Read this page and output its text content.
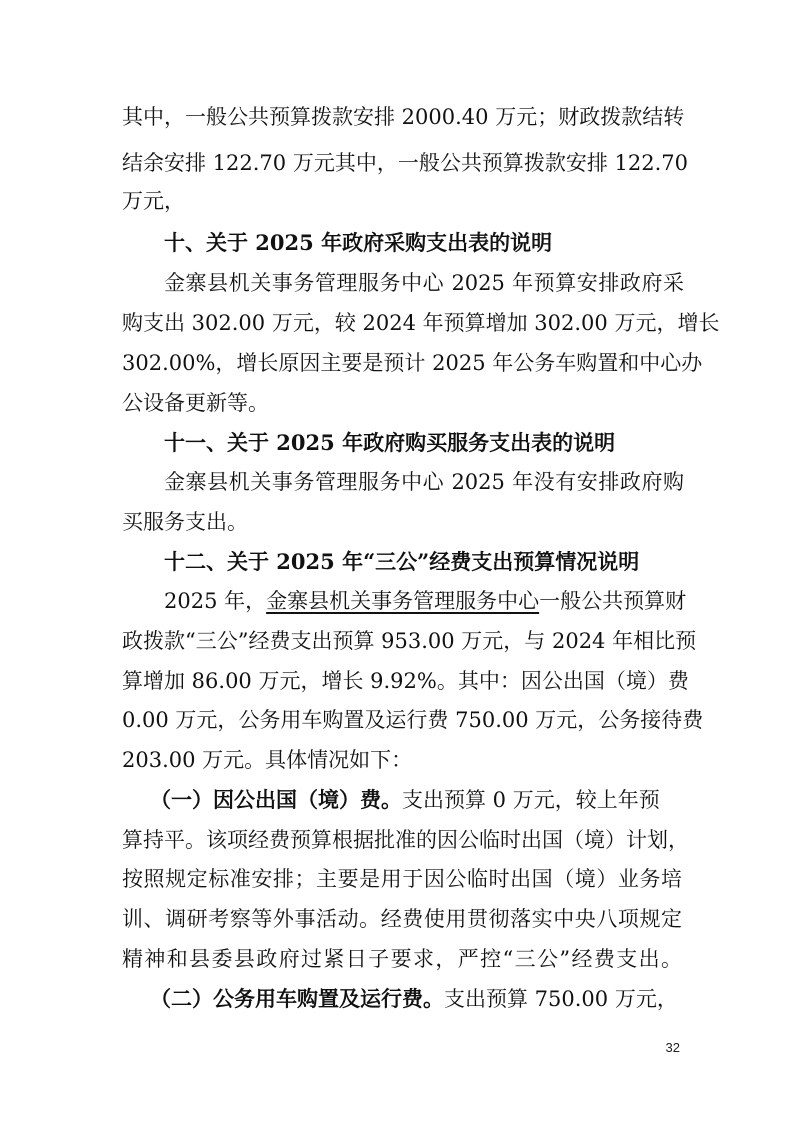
其中，一般公共预算拨款安排 2000.40 万元；财政拨款结转
结余安排 122.70 万元其中，一般公共预算拨款安排 122.70
万元，
十、关于 2025 年政府采购支出表的说明
金寨县机关事务管理服务中心 2025 年预算安排政府采
购支出 302.00 万元，较 2024 年预算增加 302.00 万元，增长
302.00%，增长原因主要是预计 2025 年公务车购置和中心办
公设备更新等。
十一、关于 2025 年政府购买服务支出表的说明
金寨县机关事务管理服务中心 2025 年没有安排政府购
买服务支出。
十二、关于 2025 年“三公”经费支出预算情况说明
2025 年，金寨县机关事务管理服务中心一般公共预算财
政拨款“三公”经费支出预算 953.00 万元，与 2024 年相比预
算增加 86.00 万元，增长 9.92%。其中：因公出国（境）费
0.00 万元，公务用车购置及运行费 750.00 万元，公务接待费
203.00 万元。具体情况如下：
（一）因公出国（境）费。支出预算 0 万元，较上年预
算持平。该项经费预算根据批准的因公临时出国（境）计划，
按照规定标准安排；主要是用于因公临时出国（境）业务培
训、调研考察等外事活动。经费使用贯彻落实中央八项规定
精神和县委县政府过紧日子要求，严控“三公”经费支出。
（二）公务用车购置及运行费。支出预算 750.00 万元，
32
